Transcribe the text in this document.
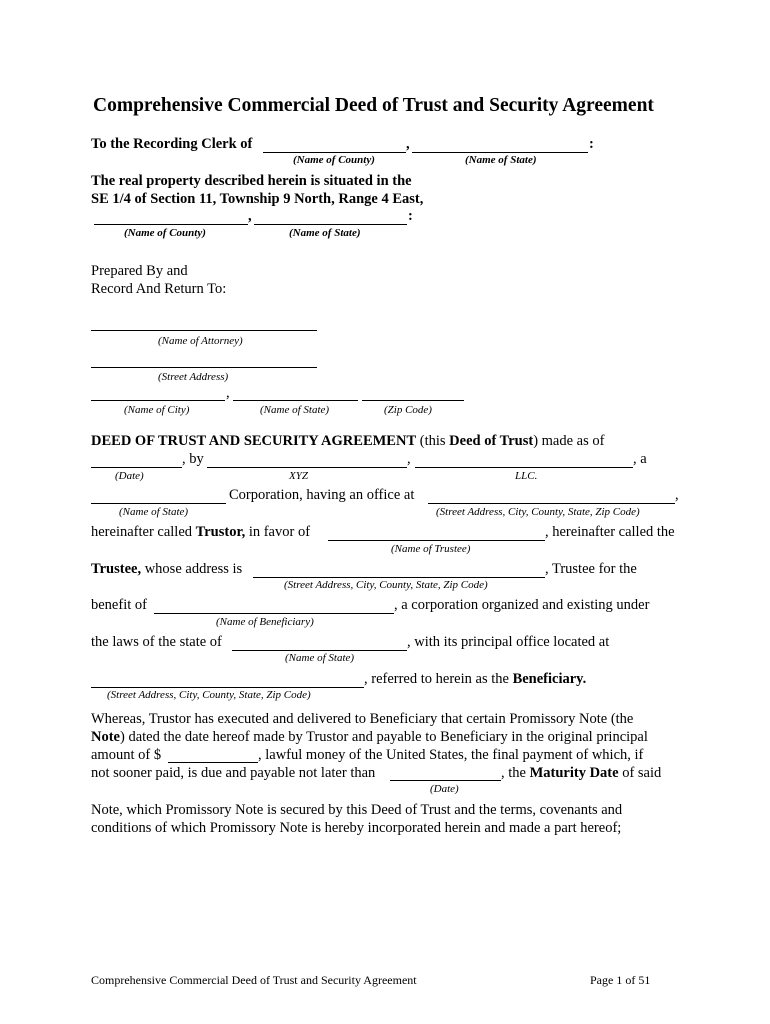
Comprehensive Commercial Deed of Trust and Security Agreement
To the Recording Clerk of	,	:
(Name of County)	(Name of State)
The real property described herein is situated in the
SE 1/4 of Section 11, Township 9 North, Range 4 East,
,	:
(Name of County)	(Name of State)
Prepared By and
Record And Return To:
(Name of Attorney)
(Street Address)
,
(Name of City)	(Name of State)	(Zip Code)
DEED OF TRUST AND SECURITY AGREEMENT (this Deed of Trust) made as of
, by	,	, a
(Date)	XYZ	LLC.
Corporation, having an office at	,
(Name of State)	(Street Address, City, County, State, Zip Code)
hereinafter called Trustor, in favor of	, hereinafter called the
(Name of Trustee)
Trustee, whose address is	, Trustee for the
(Street Address, City, County, State, Zip Code)
benefit of	, a corporation organized and existing under
(Name of Beneficiary)
the laws of the state of	, with its principal office located at
(Name of State)
, referred to herein as the Beneficiary.
(Street Address, City, County, State, Zip Code)
Whereas, Trustor has executed and delivered to Beneficiary that certain Promissory Note (the
Note) dated the date hereof made by Trustor and payable to Beneficiary in the original principal
amount of $	, lawful money of the United States, the final payment of which, if
not sooner paid, is due and payable not later than	, the Maturity Date of said
(Date)
Note, which Promissory Note is secured by this Deed of Trust and the terms, covenants and
conditions of which Promissory Note is hereby incorporated herein and made a part hereof;
Comprehensive Commercial Deed of Trust and Security Agreement	Page 1 of 51
